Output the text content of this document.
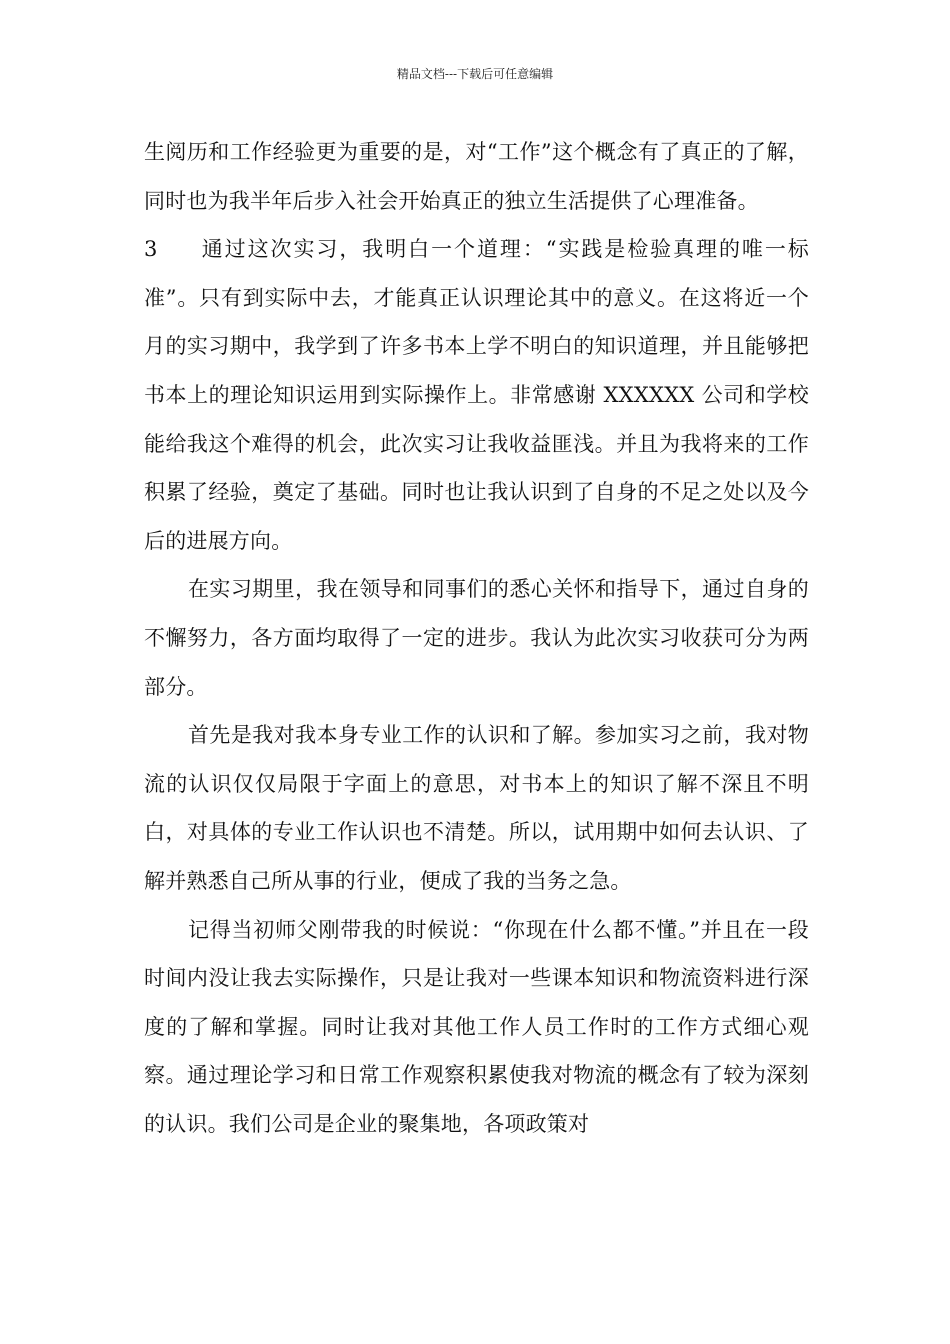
精品文档---下载后可任意编辑

生阅历和工作经验更为重要的是，对“工作”这个概念有了真正的了解，同时也为我半年后步入社会开始真正的独立生活提供了心理准备。

3 通过这次实习，我明白一个道理：“实践是检验真理的唯一标准”。只有到实际中去，才能真正认识理论其中的意义。在这将近一个月的实习期中，我学到了许多书本上学不明白的知识道理，并且能够把书本上的理论知识运用到实际操作上。非常感谢 XXXXXX 公司和学校能给我这个难得的机会，此次实习让我收益匪浅。并且为我将来的工作积累了经验，奠定了基础。同时也让我认识到了自身的不足之处以及今后的进展方向。

在实习期里，我在领导和同事们的悉心关怀和指导下，通过自身的不懈努力，各方面均取得了一定的进步。我认为此次实习收获可分为两部分。

首先是我对我本身专业工作的认识和了解。参加实习之前，我对物流的认识仅仅局限于字面上的意思，对书本上的知识了解不深且不明白，对具体的专业工作认识也不清楚。所以，试用期中如何去认识、了解并熟悉自己所从事的行业，便成了我的当务之急。

记得当初师父刚带我的时候说：“你现在什么都不懂。”并且在一段时间内没让我去实际操作，只是让我对一些课本知识和物流资料进行深度的了解和掌握。同时让我对其他工作人员工作时的工作方式细心观察。通过理论学习和日常工作观察积累使我对物流的概念有了较为深刻的认识。我们公司是企业的聚集地，各项政策对
